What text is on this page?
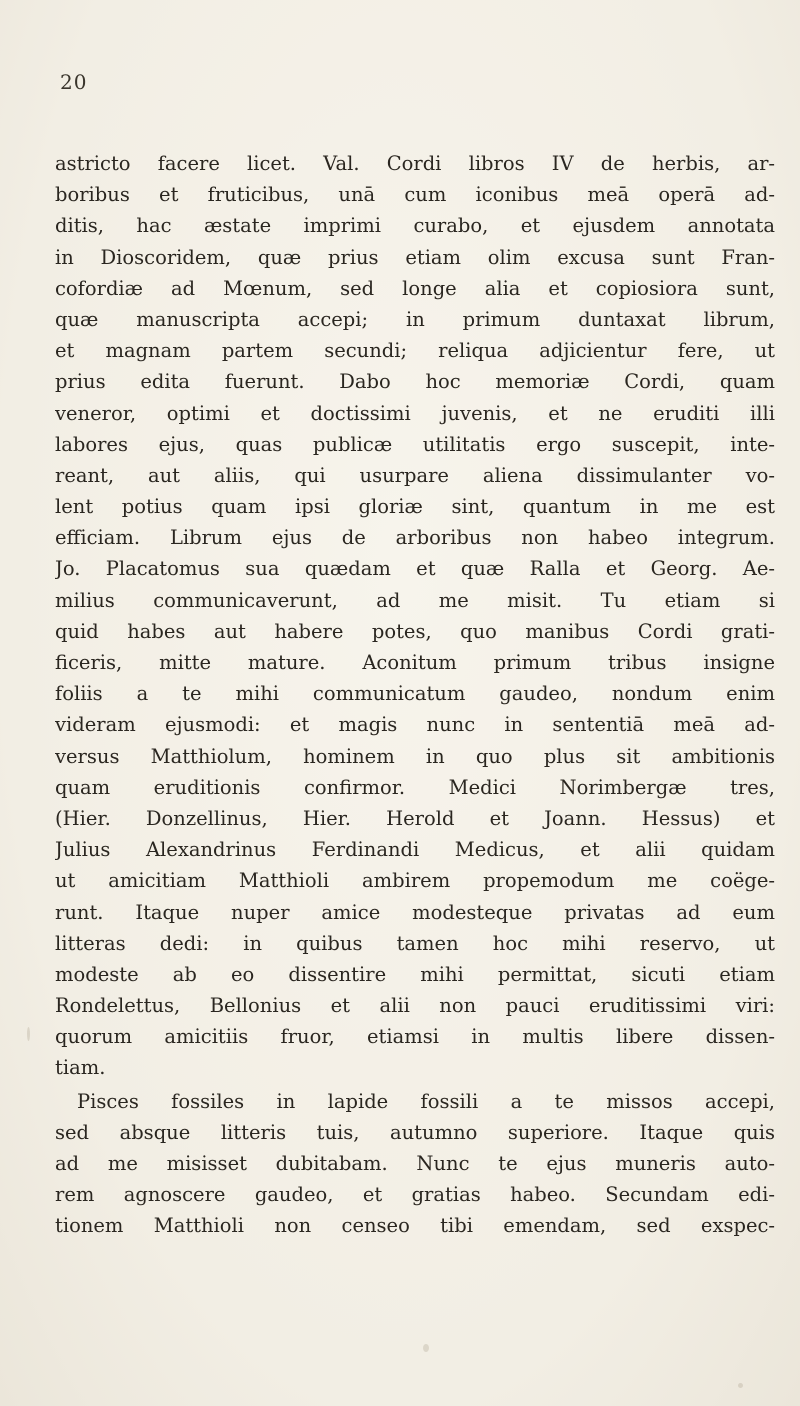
20
astricto facere licet. Val. Cordi libros IV de herbis, ar-
boribus et fruticibus, unā cum iconibus meā operā ad-
ditis, hac æstate imprimi curabo, et ejusdem annotata
in Dioscoridem, quæ prius etiam olim excusa sunt Fran-
cofordiæ ad Mœnum, sed longe alia et copiosiora sunt,
quæ manuscripta accepi; in primum duntaxat librum,
et magnam partem secundi; reliqua adjicientur fere, ut
prius edita fuerunt. Dabo hoc memoriæ Cordi, quam
veneror, optimi et doctissimi juvenis, et ne eruditi illi
labores ejus, quas publicæ utilitatis ergo suscepit, inte-
reant, aut aliis, qui usurpare aliena dissimulanter vo-
lent potius quam ipsi gloriæ sint, quantum in me est
efficiam. Librum ejus de arboribus non habeo integrum.
Jo. Placatomus sua quædam et quæ Ralla et Georg. Ae-
milius communicaverunt, ad me misit. Tu etiam si
quid habes aut habere potes, quo manibus Cordi grati-
ficeris, mitte mature. Aconitum primum tribus insigne
foliis a te mihi communicatum gaudeo, nondum enim
videram ejusmodi: et magis nunc in sententiā meā ad-
versus Matthiolum, hominem in quo plus sit ambitionis
quam eruditionis confirmor. Medici Norimbergæ tres,
(Hier. Donzellinus, Hier. Herold et Joann. Hessus) et
Julius Alexandrinus Ferdinandi Medicus, et alii quidam
ut amicitiam Matthioli ambirem propemodum me coëge-
runt. Itaque nuper amice modesteque privatas ad eum
litteras dedi: in quibus tamen hoc mihi reservo, ut
modeste ab eo dissentire mihi permittat, sicuti etiam
Rondelettus, Bellonius et alii non pauci eruditissimi viri:
quorum amicitiis fruor, etiamsi in multis libere dissen-
tiam.
Pisces fossiles in lapide fossili a te missos accepi,
sed absque litteris tuis, autumno superiore. Itaque quis
ad me misisset dubitabam. Nunc te ejus muneris auto-
rem agnoscere gaudeo, et gratias habeo. Secundam edi-
tionem Matthioli non censeo tibi emendam, sed exspec-
